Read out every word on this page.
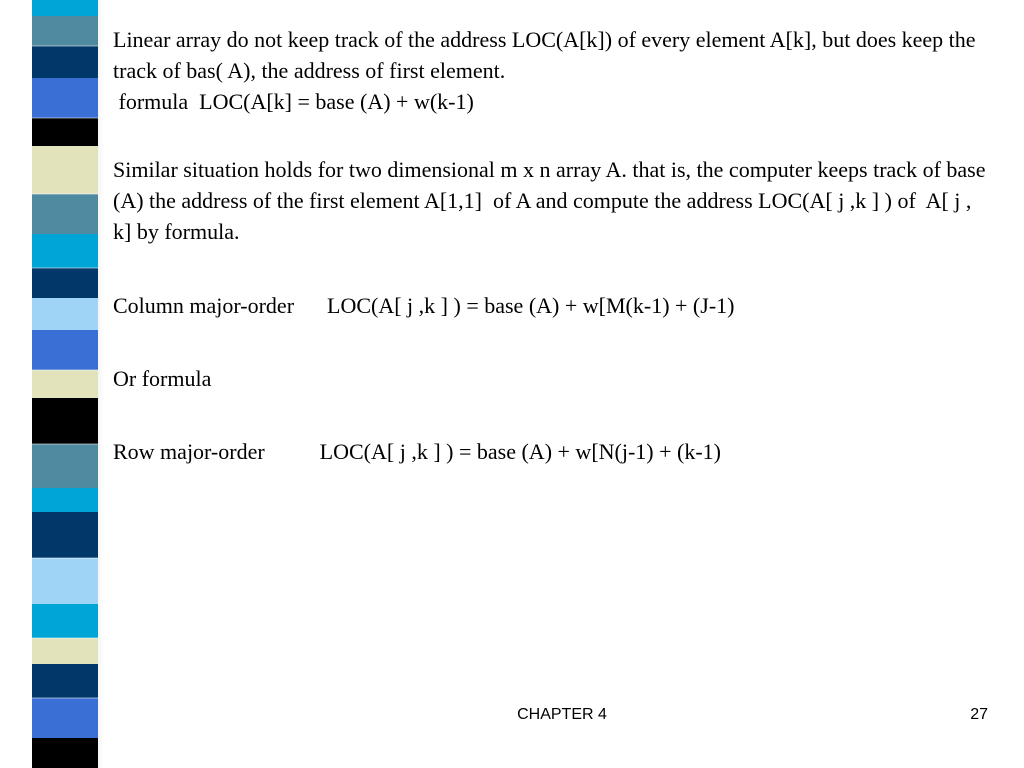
Linear array do not keep track of the address LOC(A[k]) of every element A[k], but does keep the track of bas( A), the address of first element.

formula  LOC(A[k] = base (A) + w(k-1)

Similar situation holds for two dimensional m x n array A. that is, the computer keeps track of base (A) the address of the first element A[1,1]  of A and compute the address LOC(A[ j ,k ] ) of  A[ j , k] by formula.

Column major-order      LOC(A[ j ,k ] ) = base (A) + w[M(k-1) + (J-1)

Or formula

Row major-order          LOC(A[ j ,k ] ) = base (A) + w[N(j-1) + (k-1)

CHAPTER 4	27
